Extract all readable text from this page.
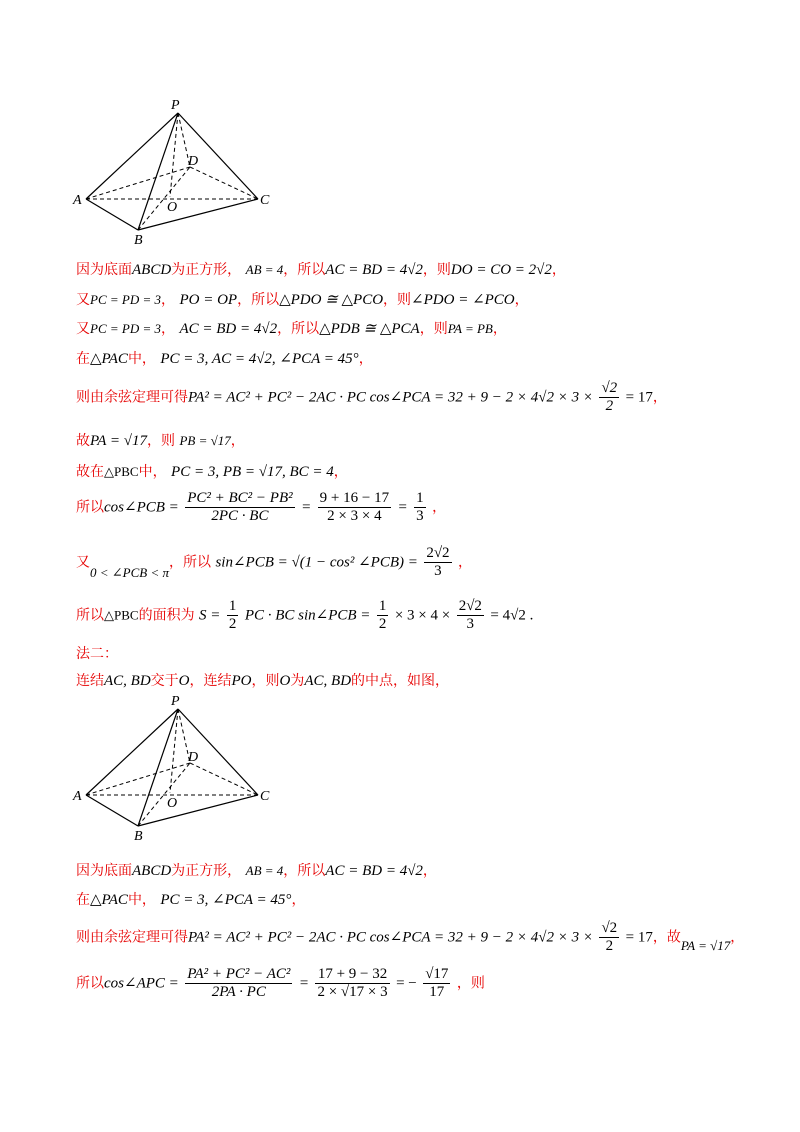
P
D
A	O	C
B
因为底面ABCD为正方形， AB = 4，所以AC = BD = 4√2，则DO = CO = 2√2，
又PC = PD = 3， PO = OP，所以△PDO ≅ △PCO，则∠PDO = ∠PCO，
又PC = PD = 3， AC = BD = 4√2，所以△PDB ≅ △PCA，则PA = PB，
在△PAC中， PC = 3, AC = 4√2, ∠PCA = 45°，
则由余弦定理可得PA² = AC² + PC² − 2AC · PC cos∠PCA = $32 + 9 - 2 \times 4√2 \times 3 \times \frac{√2}{2} = 17$，
故PA = √17，则 PB = √17，
故在△PBC中， PC = 3, PB = √17, BC = 4，
所以cos∠PCB = $\frac{\text{PC² + BC² − PB²}}{2PC \cdot BC} = \frac{9 + 16 - 17}{2 \times 3 \times 4} = \frac{1}{3}$ ，
又0 < ∠PCB < π，所以 sin∠PCB = √(1 − cos² ∠PCB) = $\frac{2√2}{3}$ ，
所以△PBC的面积为 $S = \frac{1}{2}$ PC · BC sin∠PCB = $\frac{1}{2} \times 3 \times 4 \times \frac{2√2}{3} = 4√2$ .
法二：
连结AC, BD交于O，连结PO，则O为AC, BD的中点，如图，
P
D
A	O	C
B
因为底面ABCD为正方形， AB = 4，所以AC = BD = 4√2，
在△PAC中， PC = 3, ∠PCA = 45°，
则由余弦定理可得PA² = AC² + PC² − 2AC · PC cos∠PCA = $32 + 9 - 2 \times 4√2 \times 3 \times \frac{√2}{2} = 17$，故PA = √17，
所以cos∠APC = $\frac{\text{PA² + PC² − AC²}}{2PA \cdot PC} = \frac{17 + 9 - 32}{2 \times √17 \times 3}$ = − $\frac{√17}{17}$ ，则
